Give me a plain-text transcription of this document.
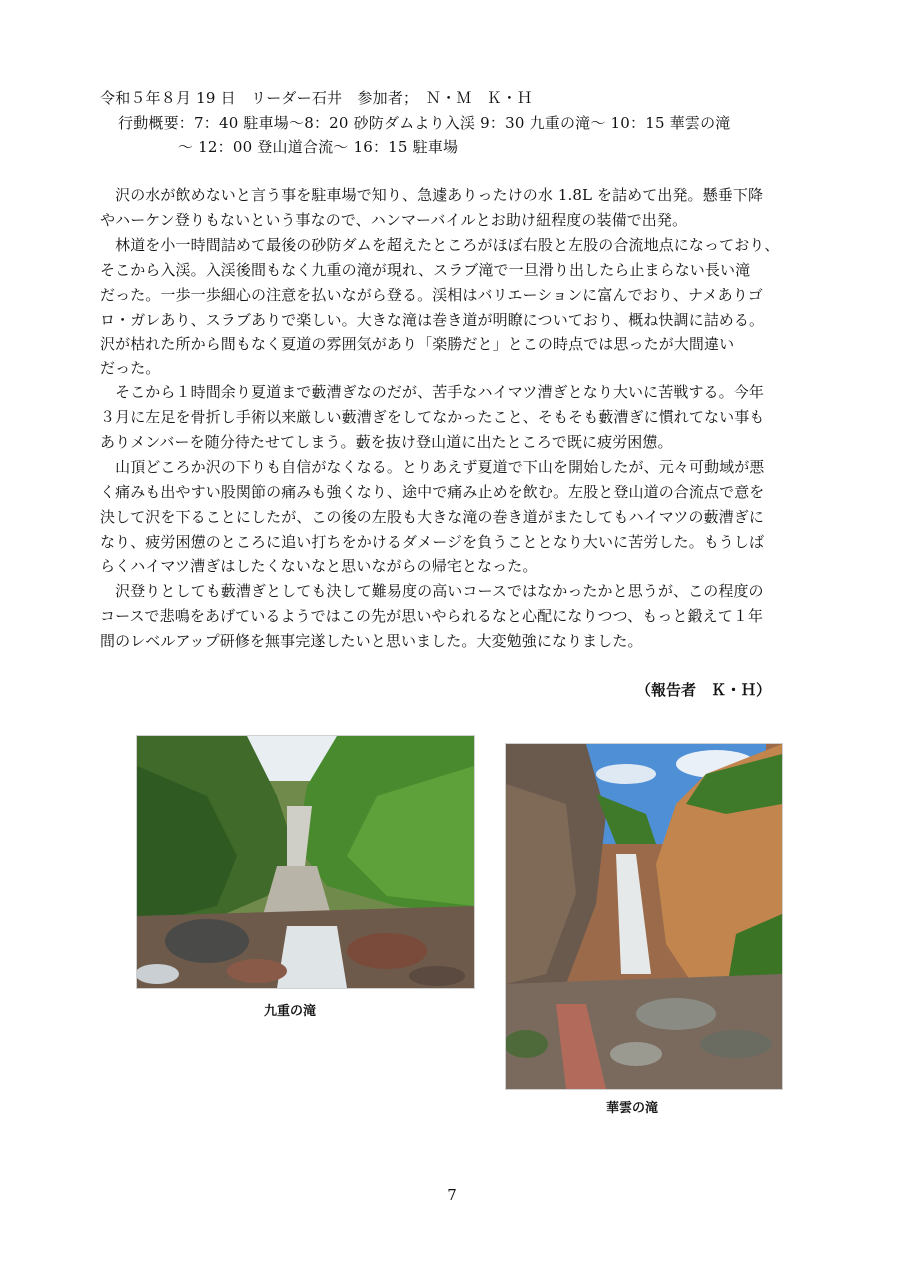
令和５年８月 19 日　リーダー石井　参加者；　Ｎ・Ｍ　Ｋ・Ｈ
行動概要：7：40 駐車場〜8：20 砂防ダムより入渓 9：30 九重の滝〜 10：15 華雲の滝
〜 12：00 登山道合流〜 16：15 駐車場
　沢の水が飲めないと言う事を駐車場で知り、急遽ありったけの水 1.8L を詰めて出発。懸垂下降
やハーケン登りもないという事なので、ハンマーバイルとお助け紐程度の装備で出発。
　林道を小一時間詰めて最後の砂防ダムを超えたところがほぼ右股と左股の合流地点になっており、
そこから入渓。入渓後間もなく九重の滝が現れ、スラブ滝で一旦滑り出したら止まらない長い滝
だった。一歩一歩細心の注意を払いながら登る。渓相はバリエーションに富んでおり、ナメありゴ
ロ・ガレあり、スラブありで楽しい。大きな滝は巻き道が明瞭についており、概ね快調に詰める。
沢が枯れた所から間もなく夏道の雰囲気があり「楽勝だと」とこの時点では思ったが大間違い
だった。
　そこから１時間余り夏道まで藪漕ぎなのだが、苦手なハイマツ漕ぎとなり大いに苦戦する。今年
３月に左足を骨折し手術以来厳しい藪漕ぎをしてなかったこと、そもそも藪漕ぎに慣れてない事も
ありメンバーを随分待たせてしまう。藪を抜け登山道に出たところで既に疲労困憊。
　山頂どころか沢の下りも自信がなくなる。とりあえず夏道で下山を開始したが、元々可動域が悪
く痛みも出やすい股関節の痛みも強くなり、途中で痛み止めを飲む。左股と登山道の合流点で意を
決して沢を下ることにしたが、この後の左股も大きな滝の巻き道がまたしてもハイマツの藪漕ぎに
なり、疲労困憊のところに追い打ちをかけるダメージを負うこととなり大いに苦労した。もうしば
らくハイマツ漕ぎはしたくないなと思いながらの帰宅となった。
　沢登りとしても藪漕ぎとしても決して難易度の高いコースではなかったかと思うが、この程度の
コースで悲鳴をあげているようではこの先が思いやられるなと心配になりつつ、もっと鍛えて１年
間のレベルアップ研修を無事完遂したいと思いました。大変勉強になりました。
（報告者　Ｋ・Ｈ）
九重の滝
華雲の滝
7
